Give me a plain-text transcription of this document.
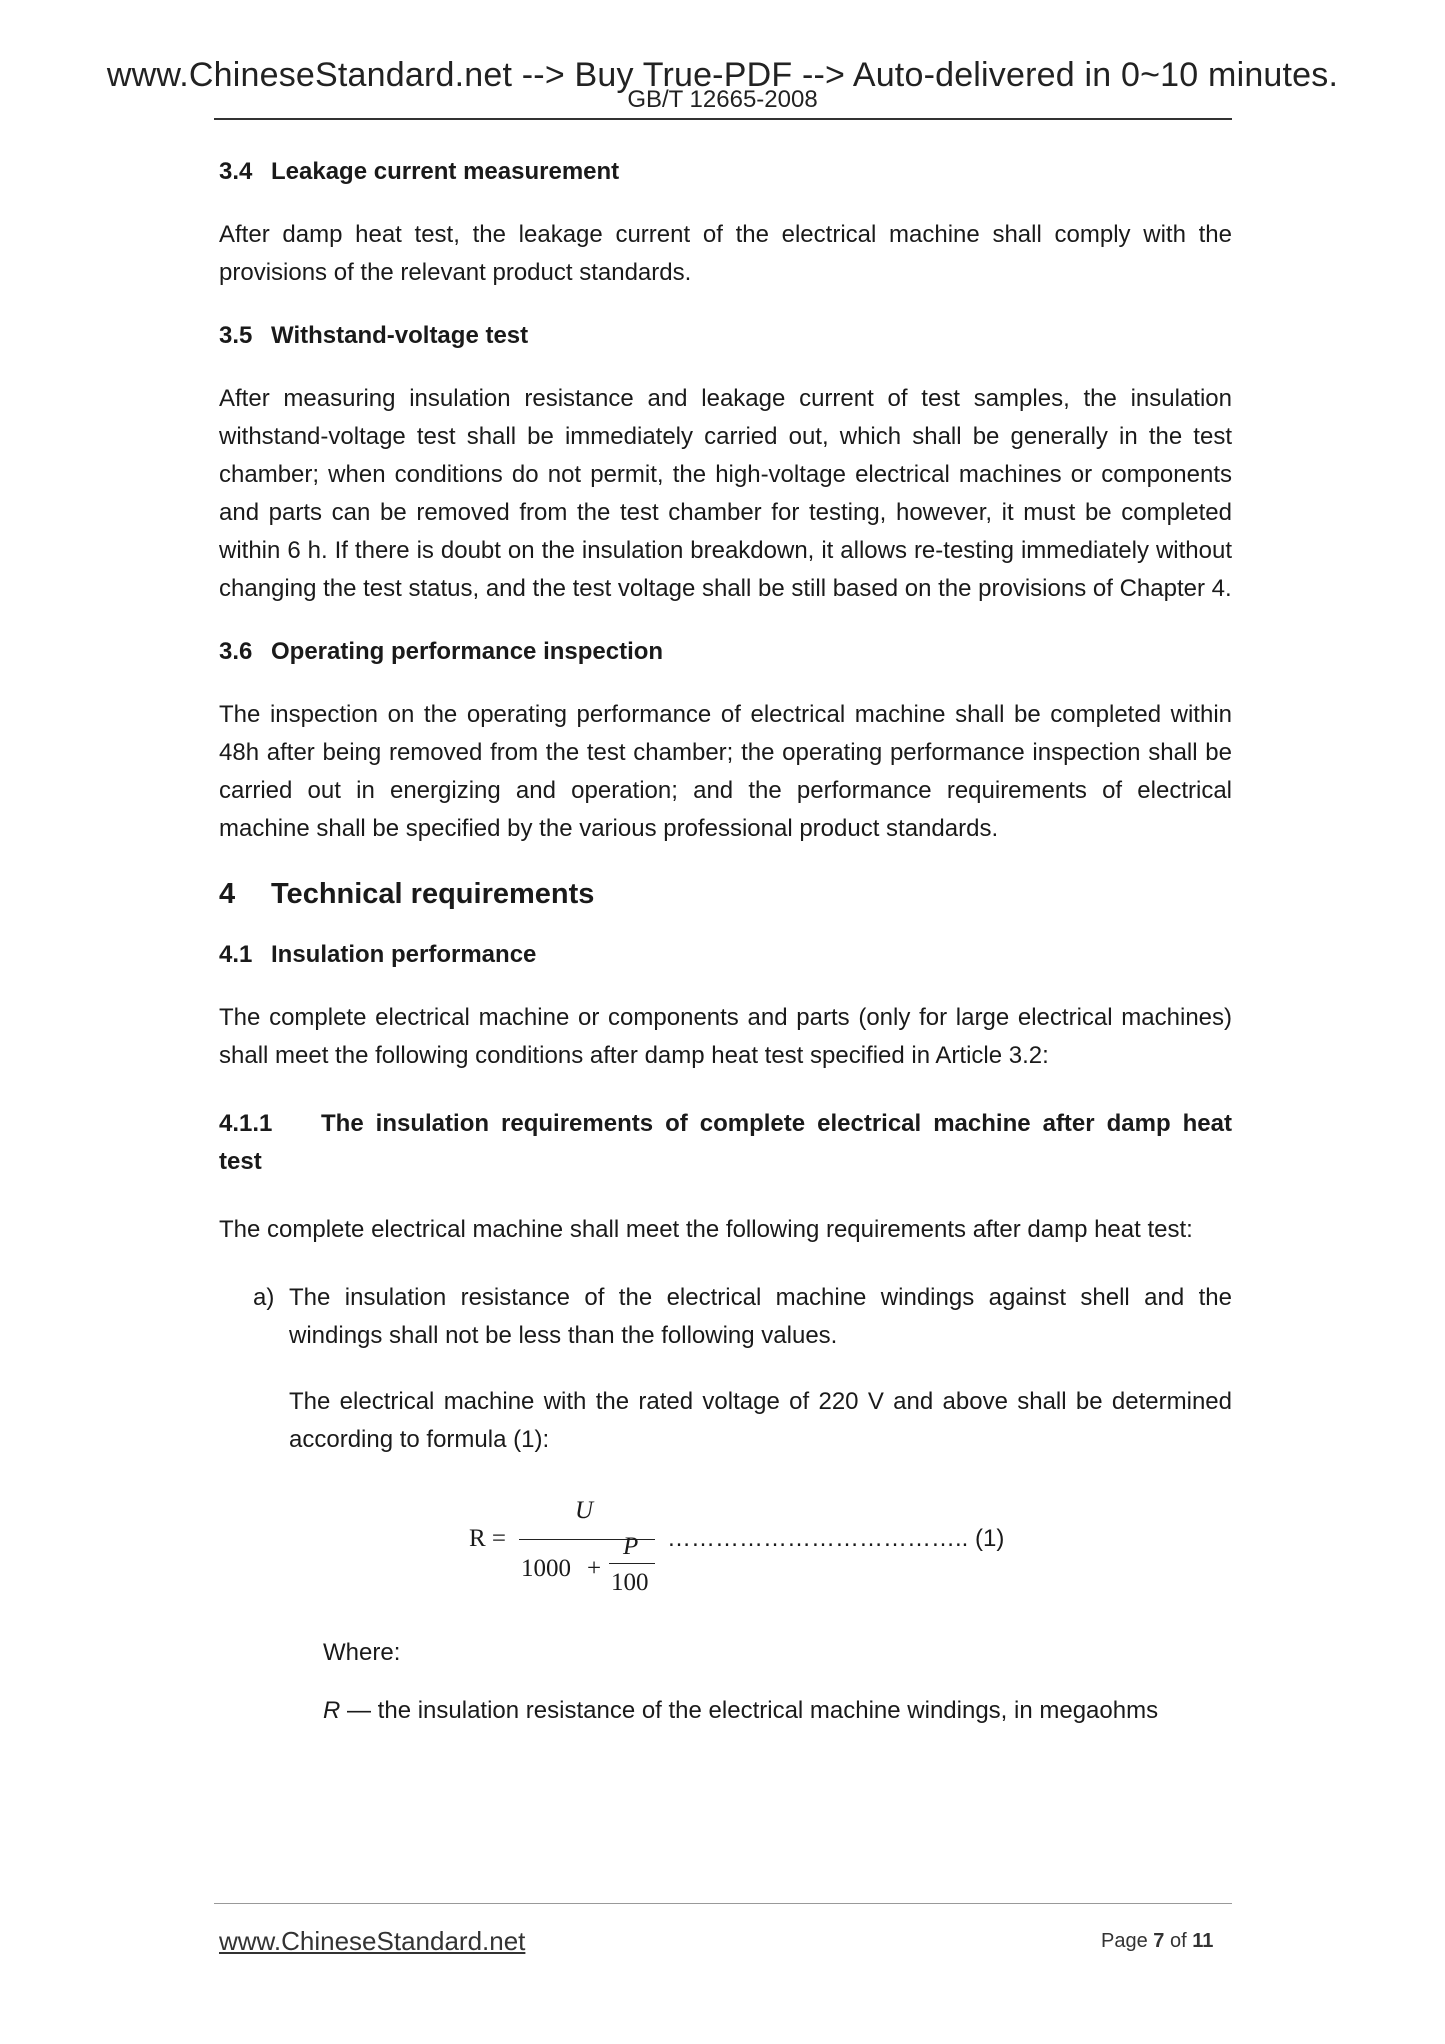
www.ChineseStandard.net --> Buy True-PDF --> Auto-delivered in 0~10 minutes.
GB/T 12665-2008
3.4 Leakage current measurement
After damp heat test, the leakage current of the electrical machine shall comply with the provisions of the relevant product standards.
3.5 Withstand-voltage test
After measuring insulation resistance and leakage current of test samples, the insulation withstand-voltage test shall be immediately carried out, which shall be generally in the test chamber; when conditions do not permit, the high-voltage electrical machines or components and parts can be removed from the test chamber for testing, however, it must be completed within 6 h. If there is doubt on the insulation breakdown, it allows re-testing immediately without changing the test status, and the test voltage shall be still based on the provisions of Chapter 4.
3.6 Operating performance inspection
The inspection on the operating performance of electrical machine shall be completed within 48h after being removed from the test chamber; the operating performance inspection shall be carried out in energizing and operation; and the performance requirements of electrical machine shall be specified by the various professional product standards.
4 Technical requirements
4.1 Insulation performance
The complete electrical machine or components and parts (only for large electrical machines) shall meet the following conditions after damp heat test specified in Article 3.2:
4.1.1 The insulation requirements of complete electrical machine after damp heat test
The complete electrical machine shall meet the following requirements after damp heat test:
a) The insulation resistance of the electrical machine windings against shell and the windings shall not be less than the following values.
The electrical machine with the rated voltage of 220 V and above shall be determined according to formula (1):
R =
U
1000 +
P
100
……………………………….. (1)
Where:
R — the insulation resistance of the electrical machine windings, in megaohms
www.ChineseStandard.net	Page 7 of 11
